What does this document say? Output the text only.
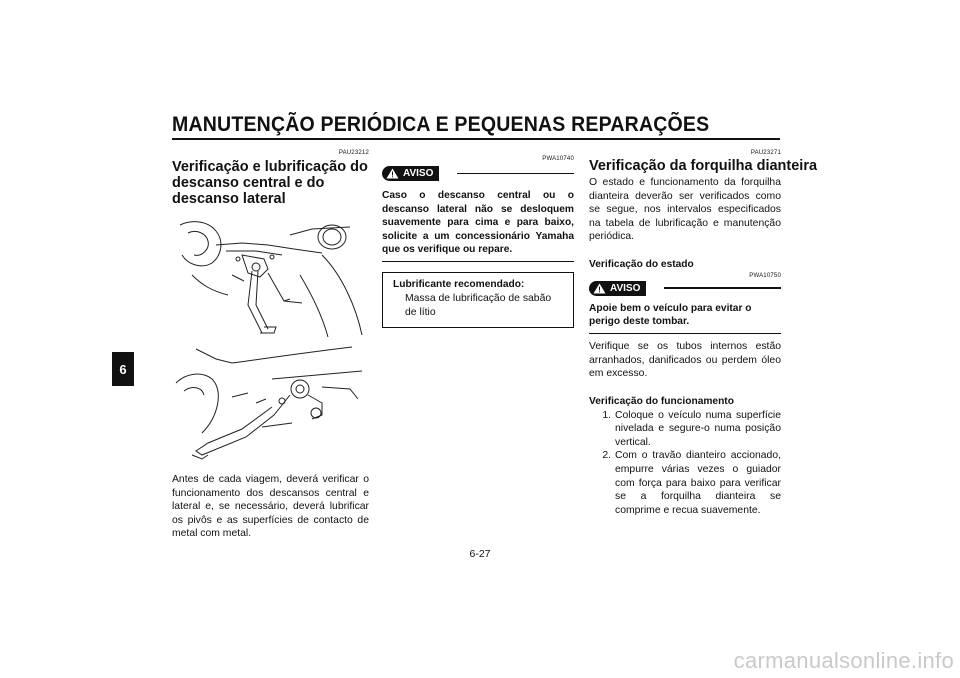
MANUTENÇÃO PERIÓDICA E PEQUENAS REPARAÇÕES
6
PAU23212
Verificação e lubrificação do descanso central e do descanso lateral
Antes de cada viagem, deverá verificar o funcionamento dos descansos central e lateral e, se necessário, deverá lubrificar os pivôs e as superfícies de contacto de metal com metal.
PWA10740
AVISO
Caso o descanso central ou o descanso lateral não se desloquem suavemente para cima e para baixo, solicite a um concessionário Yamaha que os verifique ou repare.
Lubrificante recomendado:
Massa de lubrificação de sabão de lítio
PAU23271
Verificação da forquilha dianteira
O estado e funcionamento da forquilha dianteira deverão ser verificados como se segue, nos intervalos especificados na tabela de lubrificação e manutenção periódica.
Verificação do estado
PWA10750
AVISO
Apoie bem o veículo para evitar o perigo deste tombar.
Verifique se os tubos internos estão arranhados, danificados ou perdem óleo em excesso.
Verificação do funcionamento
1. Coloque o veículo numa superfície nivelada e segure-o numa posição vertical.
2. Com o travão dianteiro accionado, empurre várias vezes o guiador com força para baixo para verificar se a forquilha dianteira se comprime e recua suavemente.
6-27
carmanualsonline.info
